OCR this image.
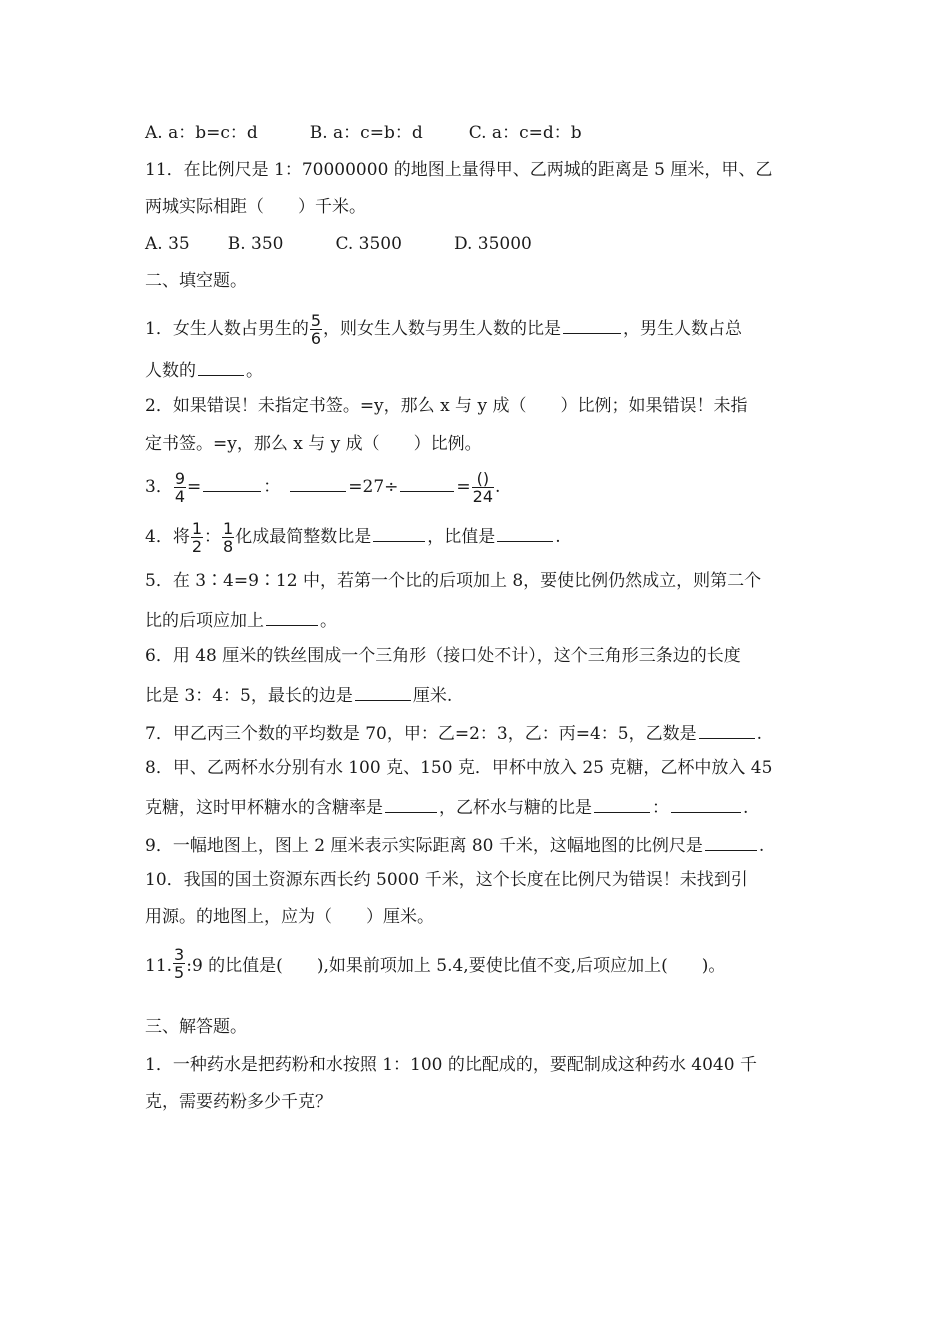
A. a：b=c：d	B. a：c=b：d	C. a：c=d：b
11．在比例尺是 1：70000000 的地图上量得甲、乙两城的距离是 5 厘米，甲、乙
两城实际相距（　　）千米。
A. 35 B. 350	C. 3500	D. 35000
二、填空题。
1．女生人数占男生的 $\frac{5}{6}$ ，则女生人数与男生人数的比是	，男生人数占总
人数的	。
2．如果错误！未指定书签。=y，那么 x 与 y 成（　　）比例；如果错误！未指
定书签。=y，那么 x 与 y 成（　　）比例。
3． $\frac{9}{4}$ =	：	=27÷	= $\frac{()}{24}$ .
4．将 $\frac{1}{2}$ ： $\frac{1}{8}$ 化成最简整数比是	，比值是	.
5．在 3∶4=9∶12 中，若第一个比的后项加上 8，要使比例仍然成立，则第二个
比的后项应加上	。
6．用 48 厘米的铁丝围成一个三角形（接口处不计），这个三角形三条边的长度
比是 3：4：5，最长的边是	厘米.
7．甲乙丙三个数的平均数是 70，甲：乙=2：3，乙：丙=4：5，乙数是	.
8．甲、乙两杯水分别有水 100 克、150 克．甲杯中放入 25 克糖，乙杯中放入 45
克糖，这时甲杯糖水的含糖率是	，乙杯水与糖的比是	：	.
9．一幅地图上，图上 2 厘米表示实际距离 80 千米，这幅地图的比例尺是	.
10．我国的国土资源东西长约 5000 千米，这个长度在比例尺为错误！未找到引
用源。的地图上，应为（　　）厘米。
11. $\frac{3}{5}$ :9 的比值是(　　),如果前项加上 5.4,要使比值不变,后项应加上(　　)。
三、解答题。
1．一种药水是把药粉和水按照 1：100 的比配成的，要配制成这种药水 4040 千
克，需要药粉多少千克？
